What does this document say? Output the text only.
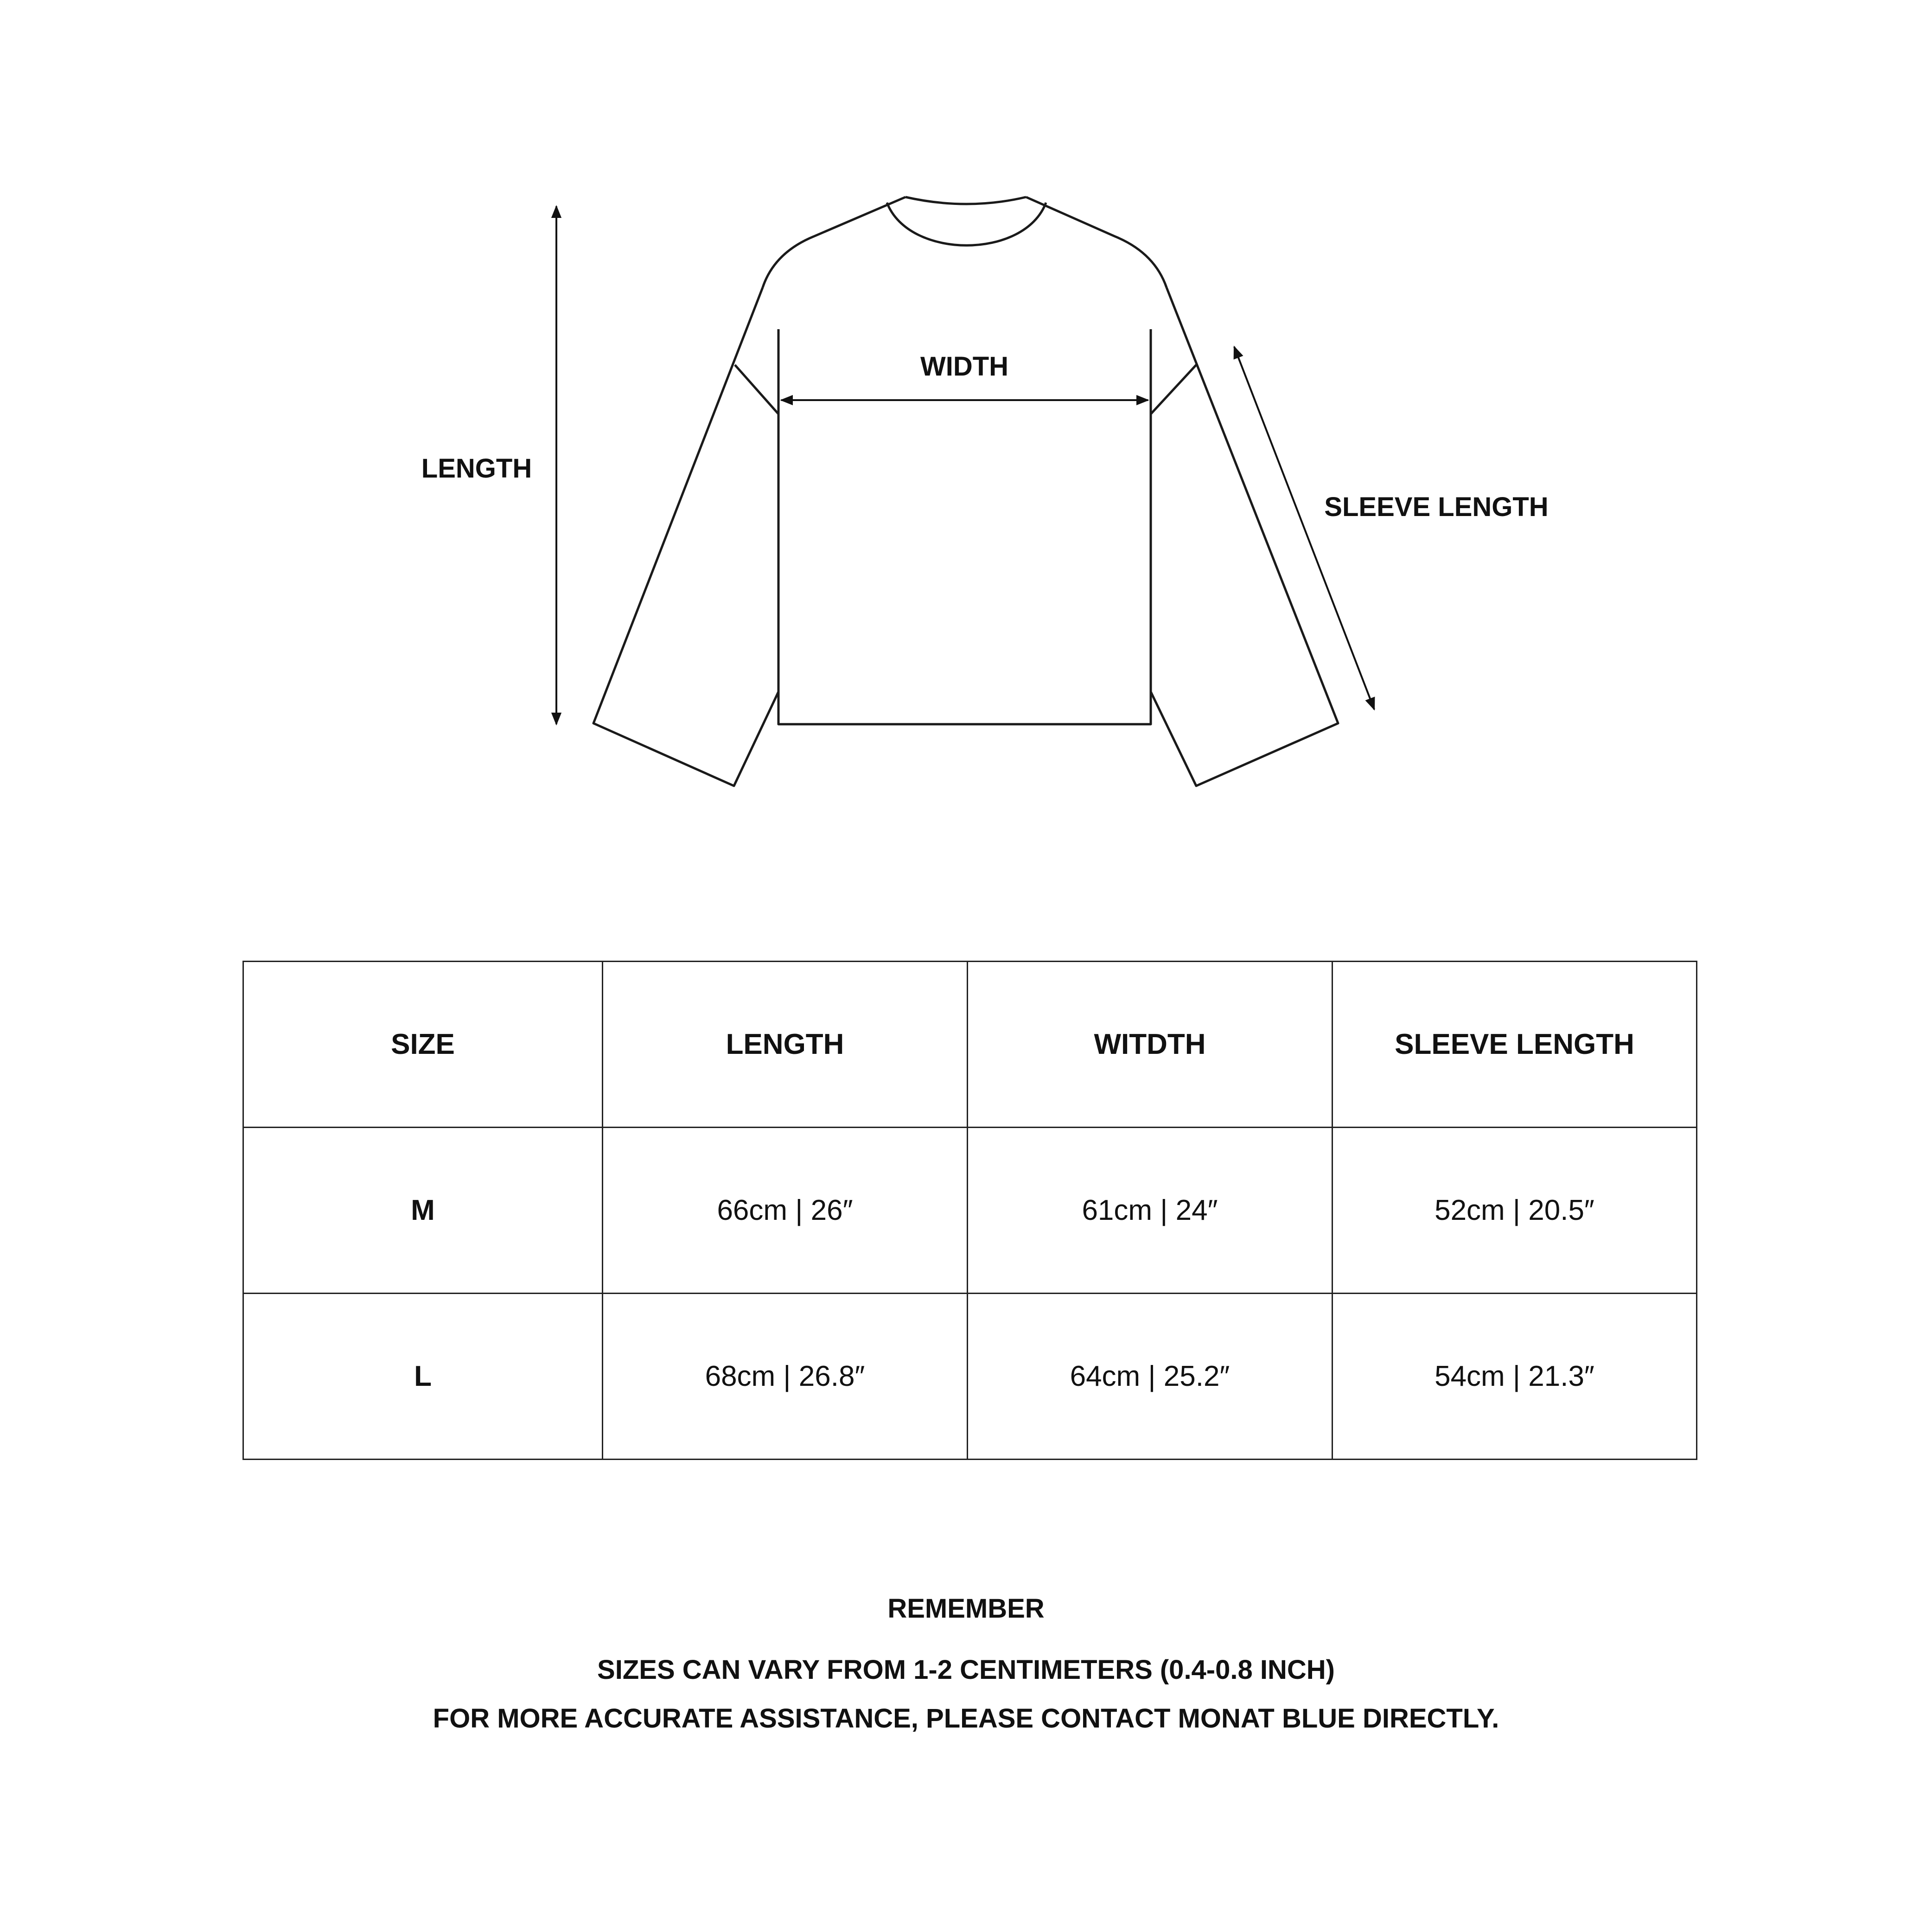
LENGTH
WIDTH
SLEEVE LENGTH
SIZE	LENGTH	WITDTH	SLEEVE LENGTH
M	66cm | 26″	61cm | 24″	52cm | 20.5″
L	68cm | 26.8″	64cm | 25.2″	54cm | 21.3″
REMEMBER
SIZES CAN VARY FROM 1-2 CENTIMETERS (0.4-0.8 INCH)
FOR MORE ACCURATE ASSISTANCE, PLEASE CONTACT MONAT BLUE DIRECTLY.
